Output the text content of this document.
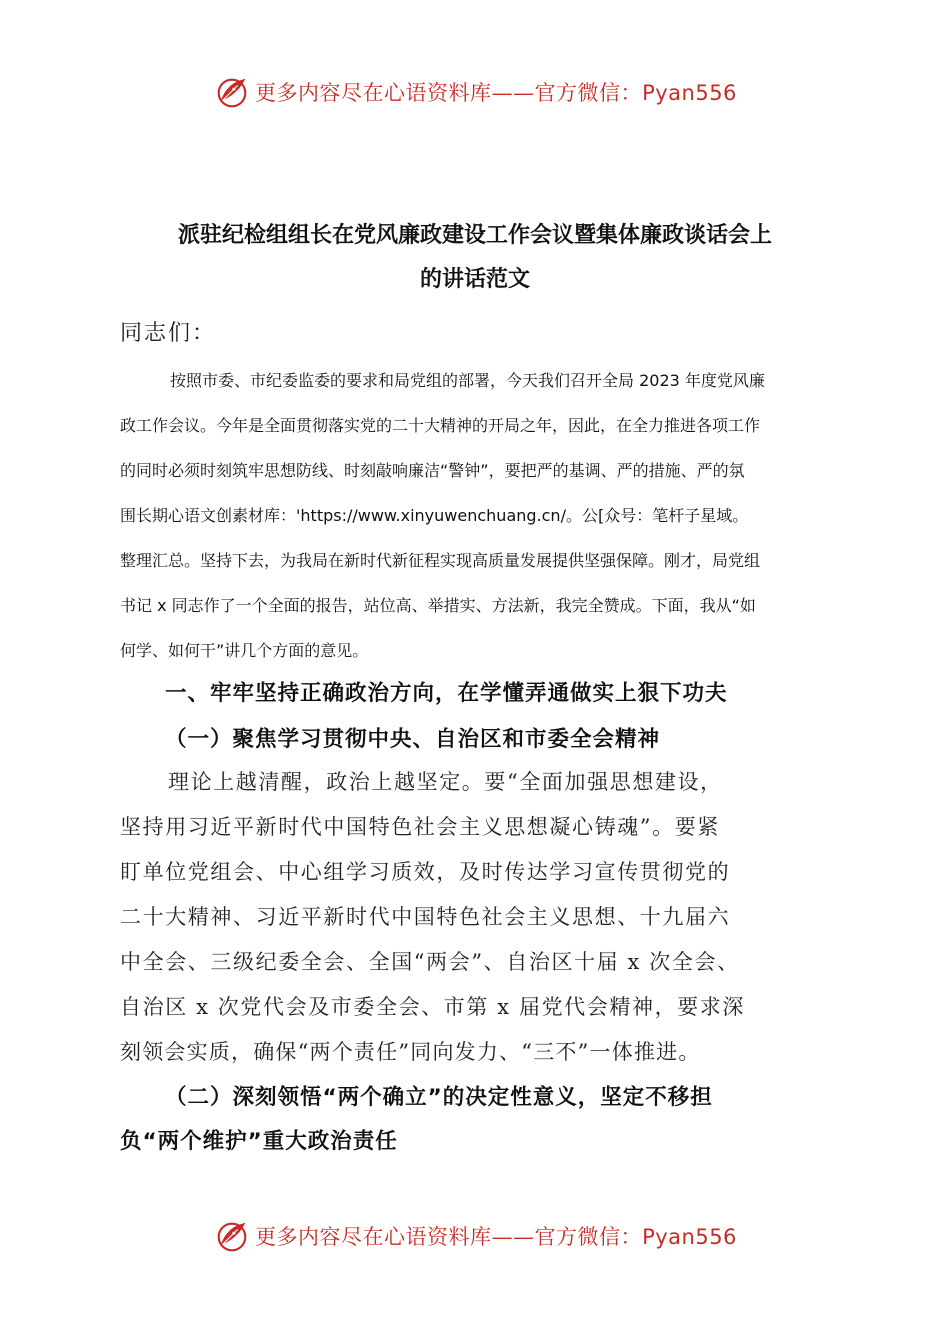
更多内容尽在心语资料库——官方微信：Pyan556
派驻纪检组组长在党风廉政建设工作会议暨集体廉政谈话会上
的讲话范文
同志们：
按照市委、市纪委监委的要求和局党组的部署，今天我们召开全局 2023 年度党风廉
政工作会议。今年是全面贯彻落实党的二十大精神的开局之年，因此，在全力推进各项工作
的同时必须时刻筑牢思想防线、时刻敲响廉洁“警钟”，要把严的基调、严的措施、严的氛
围长期心语文创素材库：'https://www.xinyuwenchuang.cn/。公[众号：笔杆子星域。
整理汇总。坚持下去，为我局在新时代新征程实现高质量发展提供坚强保障。刚才，局党组
书记 x 同志作了一个全面的报告，站位高、举措实、方法新，我完全赞成。下面，我从“如
何学、如何干”讲几个方面的意见。
一、牢牢坚持正确政治方向，在学懂弄通做实上狠下功夫
（一）聚焦学习贯彻中央、自治区和市委全会精神
理论上越清醒，政治上越坚定。要“全面加强思想建设，
坚持用习近平新时代中国特色社会主义思想凝心铸魂”。要紧
盯单位党组会、中心组学习质效，及时传达学习宣传贯彻党的
二十大精神、习近平新时代中国特色社会主义思想、十九届六
中全会、三级纪委全会、全国“两会”、自治区十届 x 次全会、
自治区 x 次党代会及市委全会、市第 x 届党代会精神，要求深
刻领会实质，确保“两个责任”同向发力、“三不”一体推进。
（二）深刻领悟“两个确立”的决定性意义，坚定不移担
负“两个维护”重大政治责任
更多内容尽在心语资料库——官方微信：Pyan556
